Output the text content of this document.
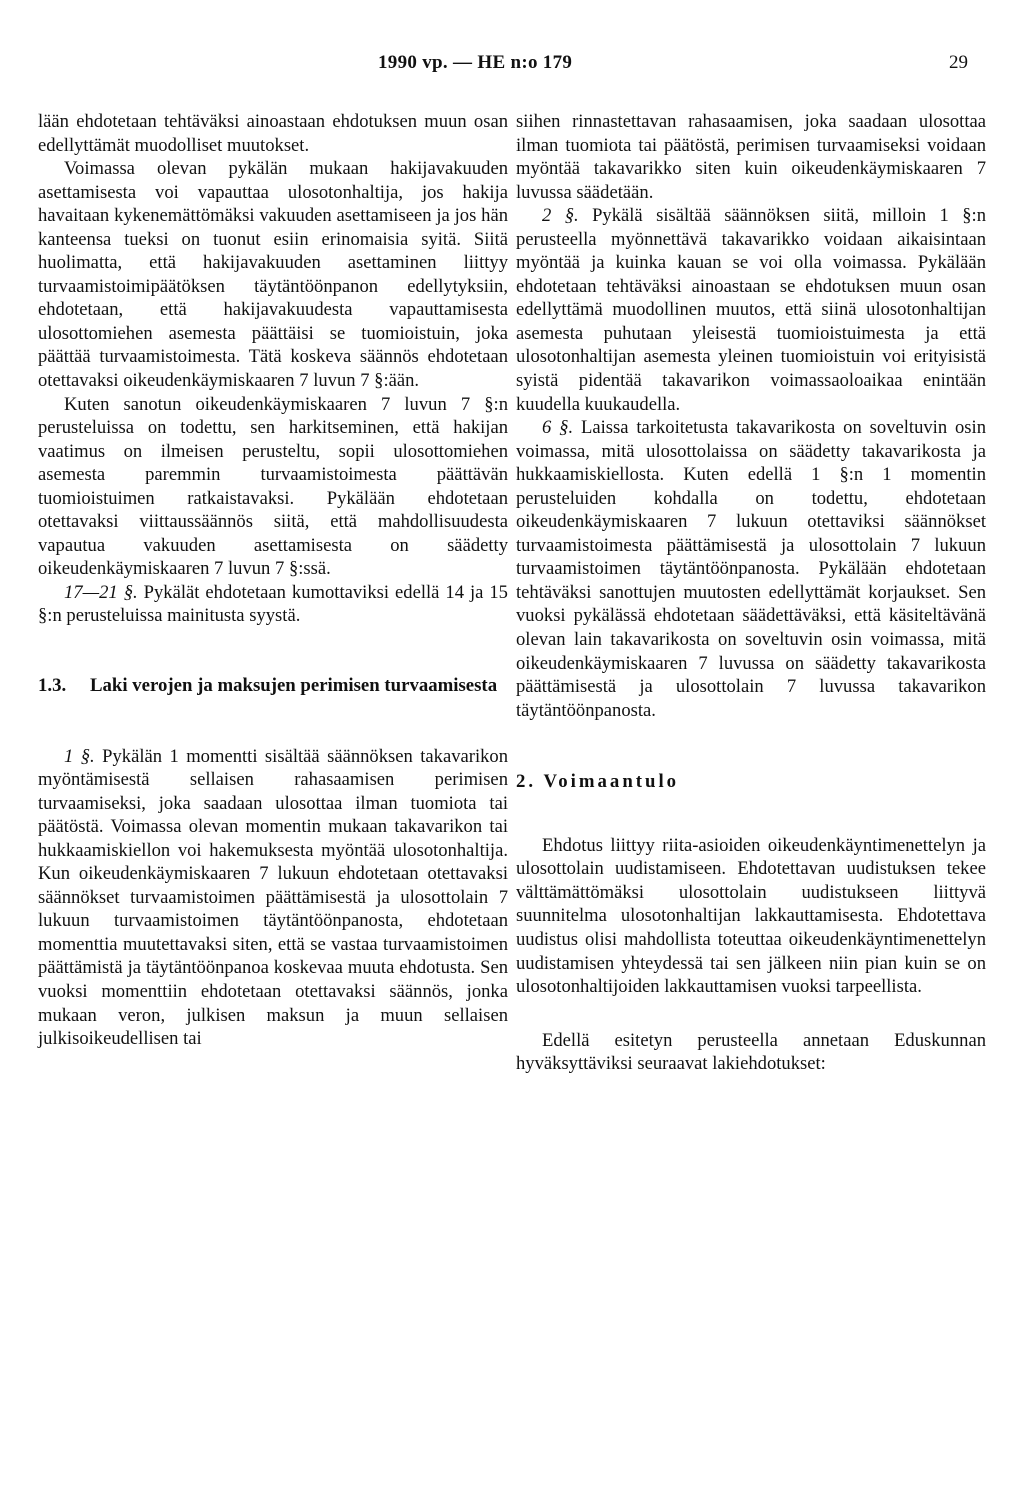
1990 vp. — HE n:o 179	29

lään ehdotetaan tehtäväksi ainoastaan ehdotuksen muun osan edellyttämät muodolliset muutokset.

Voimassa olevan pykälän mukaan hakijavakuuden asettamisesta voi vapauttaa ulosotonhaltija, jos hakija havaitaan kykenemättömäksi vakuuden asettamiseen ja jos hän kanteensa tueksi on tuonut esiin erinomaisia syitä. Siitä huolimatta, että hakijavakuuden asettaminen liittyy turvaamistoimipäätöksen täytäntöönpanon edellytyksiin, ehdotetaan, että hakijavakuudesta vapauttamisesta ulosottomiehen asemesta päättäisi se tuomioistuin, joka päättää turvaamistoimesta. Tätä koskeva säännös ehdotetaan otettavaksi oikeudenkäymiskaaren 7 luvun 7 §:ään.

Kuten sanotun oikeudenkäymiskaaren 7 luvun 7 §:n perusteluissa on todettu, sen harkitseminen, että hakijan vaatimus on ilmeisen perusteltu, sopii ulosottomiehen asemesta paremmin turvaamistoimesta päättävän tuomioistuimen ratkaistavaksi. Pykälään ehdotetaan otettavaksi viittaussäännös siitä, että mahdollisuudesta vapautua vakuuden asettamisesta on säädetty oikeudenkäymiskaaren 7 luvun 7 §:ssä.

17—21 §. Pykälät ehdotetaan kumottaviksi edellä 14 ja 15 §:n perusteluissa mainitusta syystä.

1.3.	Laki verojen ja maksujen perimisen turvaamisesta

1 §. Pykälän 1 momentti sisältää säännöksen takavarikon myöntämisestä sellaisen rahasaamisen perimisen turvaamiseksi, joka saadaan ulosottaa ilman tuomiota tai päätöstä. Voimassa olevan momentin mukaan takavarikon tai hukkaamiskiellon voi hakemuksesta myöntää ulosotonhaltija. Kun oikeudenkäymiskaaren 7 lukuun ehdotetaan otettavaksi säännökset turvaamistoimen päättämisestä ja ulosottolain 7 lukuun turvaamistoimen täytäntöönpanosta, ehdotetaan momenttia muutettavaksi siten, että se vastaa turvaamistoimen päättämistä ja täytäntöönpanoa koskevaa muuta ehdotusta. Sen vuoksi momenttiin ehdotetaan otettavaksi säännös, jonka mukaan veron, julkisen maksun ja muun sellaisen julkisoikeudellisen tai

siihen rinnastettavan rahasaamisen, joka saadaan ulosottaa ilman tuomiota tai päätöstä, perimisen turvaamiseksi voidaan myöntää takavarikko siten kuin oikeudenkäymiskaaren 7 luvussa säädetään.

2 §. Pykälä sisältää säännöksen siitä, milloin 1 §:n perusteella myönnettävä takavarikko voidaan aikaisintaan myöntää ja kuinka kauan se voi olla voimassa. Pykälään ehdotetaan tehtäväksi ainoastaan se ehdotuksen muun osan edellyttämä muodollinen muutos, että siinä ulosotonhaltijan asemesta puhutaan yleisestä tuomioistuimesta ja että ulosotonhaltijan asemesta yleinen tuomioistuin voi erityisistä syistä pidentää takavarikon voimassaoloaikaa enintään kuudella kuukaudella.

6 §. Laissa tarkoitetusta takavarikosta on soveltuvin osin voimassa, mitä ulosottolaissa on säädetty takavarikosta ja hukkaamiskiellosta. Kuten edellä 1 §:n 1 momentin perusteluiden kohdalla on todettu, ehdotetaan oikeudenkäymiskaaren 7 lukuun otettaviksi säännökset turvaamistoimesta päättämisestä ja ulosottolain 7 lukuun turvaamistoimen täytäntöönpanosta. Pykälään ehdotetaan tehtäväksi sanottujen muutosten edellyttämät korjaukset. Sen vuoksi pykälässä ehdotetaan säädettäväksi, että käsiteltävänä olevan lain takavarikosta on soveltuvin osin voimassa, mitä oikeudenkäymiskaaren 7 luvussa on säädetty takavarikosta päättämisestä ja ulosottolain 7 luvussa takavarikon täytäntöönpanosta.

2. Voimaantulo

Ehdotus liittyy riita-asioiden oikeudenkäyntimenettelyn ja ulosottolain uudistamiseen. Ehdotettavan uudistuksen tekee välttämättömäksi ulosottolain uudistukseen liittyvä suunnitelma ulosotonhaltijan lakkauttamisesta. Ehdotettava uudistus olisi mahdollista toteuttaa oikeudenkäyntimenettelyn uudistamisen yhteydessä tai sen jälkeen niin pian kuin se on ulosotonhaltijoiden lakkauttamisen vuoksi tarpeellista.

Edellä esitetyn perusteella annetaan Eduskunnan hyväksyttäviksi seuraavat lakiehdotukset:
